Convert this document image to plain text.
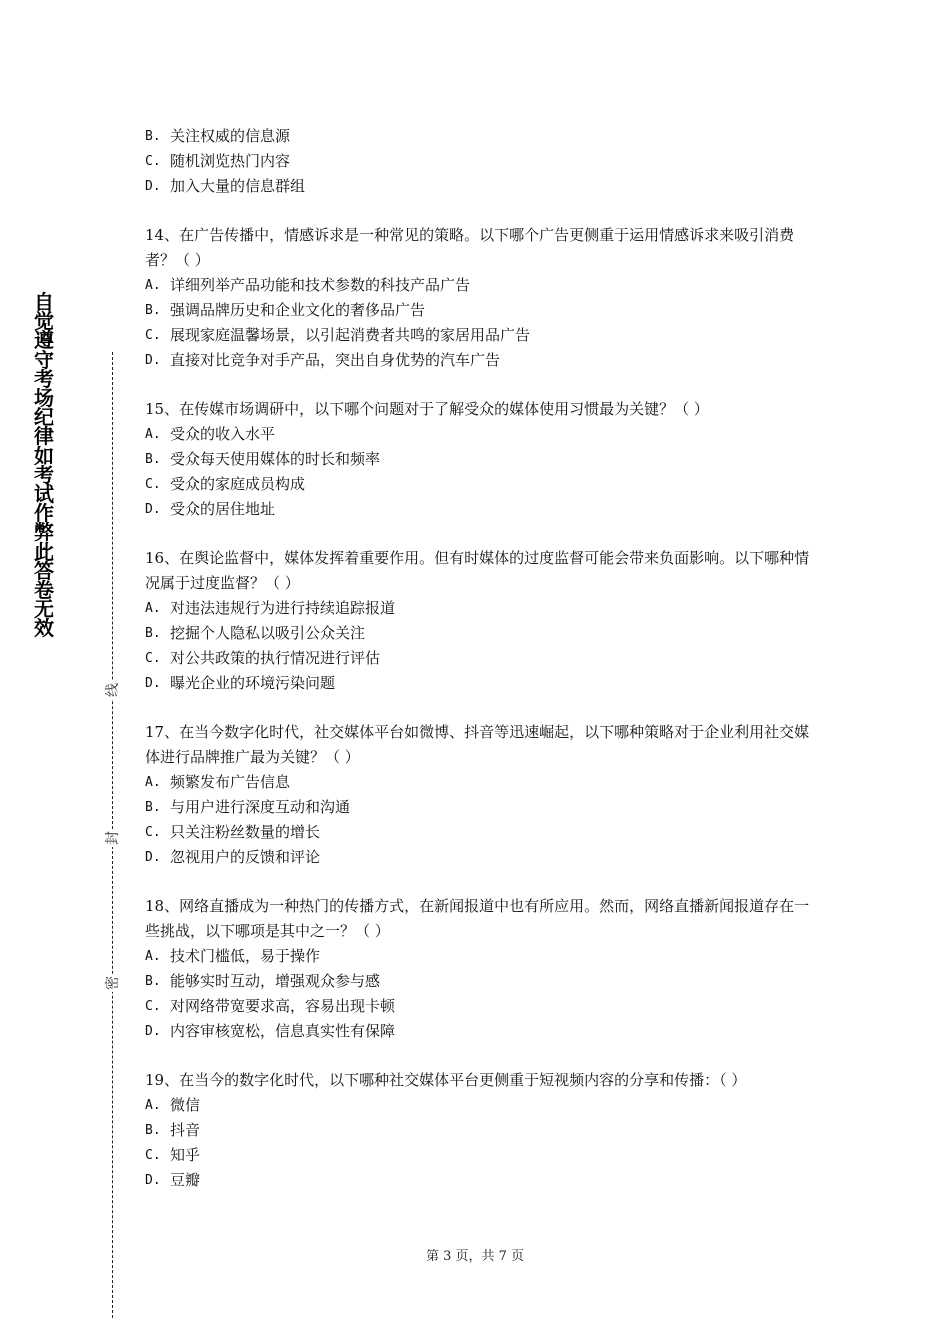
自觉遵守考场纪律如考试作弊此答卷无效
线
封
密
B. 关注权威的信息源
C. 随机浏览热门内容
D. 加入大量的信息群组
14、在广告传播中，情感诉求是一种常见的策略。以下哪个广告更侧重于运用情感诉求来吸引消费者？（ ）
A. 详细列举产品功能和技术参数的科技产品广告
B. 强调品牌历史和企业文化的奢侈品广告
C. 展现家庭温馨场景，以引起消费者共鸣的家居用品广告
D. 直接对比竞争对手产品，突出自身优势的汽车广告
15、在传媒市场调研中，以下哪个问题对于了解受众的媒体使用习惯最为关键？（ ）
A. 受众的收入水平
B. 受众每天使用媒体的时长和频率
C. 受众的家庭成员构成
D. 受众的居住地址
16、在舆论监督中，媒体发挥着重要作用。但有时媒体的过度监督可能会带来负面影响。以下哪种情况属于过度监督？（ ）
A. 对违法违规行为进行持续追踪报道
B. 挖掘个人隐私以吸引公众关注
C. 对公共政策的执行情况进行评估
D. 曝光企业的环境污染问题
17、在当今数字化时代，社交媒体平台如微博、抖音等迅速崛起，以下哪种策略对于企业利用社交媒体进行品牌推广最为关键？（ ）
A. 频繁发布广告信息
B. 与用户进行深度互动和沟通
C. 只关注粉丝数量的增长
D. 忽视用户的反馈和评论
18、网络直播成为一种热门的传播方式，在新闻报道中也有所应用。然而，网络直播新闻报道存在一些挑战，以下哪项是其中之一？（ ）
A. 技术门槛低，易于操作
B. 能够实时互动，增强观众参与感
C. 对网络带宽要求高，容易出现卡顿
D. 内容审核宽松，信息真实性有保障
19、在当今的数字化时代，以下哪种社交媒体平台更侧重于短视频内容的分享和传播：（ ）
A. 微信
B. 抖音
C. 知乎
D. 豆瓣
第 3 页，共 7 页
